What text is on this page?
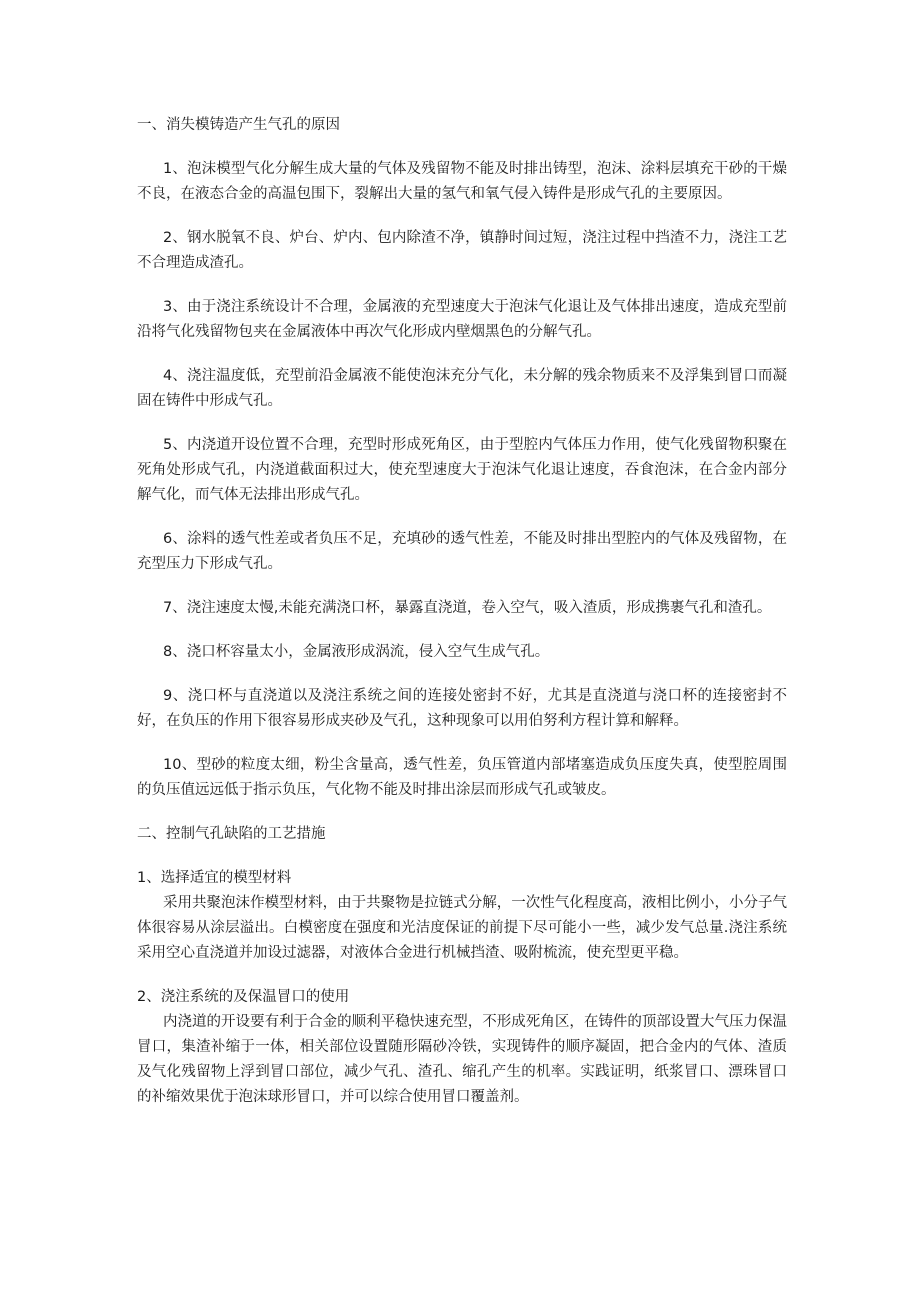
一、消失模铸造产生气孔的原因

1、泡沫模型气化分解生成大量的气体及残留物不能及时排出铸型，泡沫、涂料层填充干砂的干燥不良，在液态合金的高温包围下，裂解出大量的氢气和氧气侵入铸件是形成气孔的主要原因。

2、钢水脱氧不良、炉台、炉内、包内除渣不净，镇静时间过短，浇注过程中挡渣不力，浇注工艺不合理造成渣孔。

3、由于浇注系统设计不合理，金属液的充型速度大于泡沫气化退让及气体排出速度，造成充型前沿将气化残留物包夹在金属液体中再次气化形成内壁烟黑色的分解气孔。

4、浇注温度低，充型前沿金属液不能使泡沫充分气化，未分解的残余物质来不及浮集到冒口而凝固在铸件中形成气孔。

5、内浇道开设位置不合理，充型时形成死角区，由于型腔内气体压力作用，使气化残留物积聚在死角处形成气孔，内浇道截面积过大，使充型速度大于泡沫气化退让速度，吞食泡沫，在合金内部分解气化，而气体无法排出形成气孔。

6、涂料的透气性差或者负压不足，充填砂的透气性差，不能及时排出型腔内的气体及残留物，在充型压力下形成气孔。

7、浇注速度太慢,未能充满浇口杯，暴露直浇道，卷入空气，吸入渣质，形成携裹气孔和渣孔。

8、浇口杯容量太小，金属液形成涡流，侵入空气生成气孔。

9、浇口杯与直浇道以及浇注系统之间的连接处密封不好，尤其是直浇道与浇口杯的连接密封不好，在负压的作用下很容易形成夹砂及气孔，这种现象可以用伯努利方程计算和解释。

10、型砂的粒度太细，粉尘含量高，透气性差，负压管道内部堵塞造成负压度失真，使型腔周围的负压值远远低于指示负压，气化物不能及时排出涂层而形成气孔或皱皮。

二、控制气孔缺陷的工艺措施
1、选择适宜的模型材料

采用共聚泡沫作模型材料，由于共聚物是拉链式分解，一次性气化程度高，液相比例小，小分子气体很容易从涂层溢出。白模密度在强度和光洁度保证的前提下尽可能小一些，减少发气总量.浇注系统采用空心直浇道并加设过滤器，对液体合金进行机械挡渣、吸附梳流，使充型更平稳。

2、浇注系统的及保温冒口的使用

内浇道的开设要有利于合金的顺利平稳快速充型，不形成死角区，在铸件的顶部设置大气压力保温冒口，集渣补缩于一体，相关部位设置随形隔砂冷铁，实现铸件的顺序凝固，把合金内的气体、渣质及气化残留物上浮到冒口部位，减少气孔、渣孔、缩孔产生的机率。实践证明，纸浆冒口、漂珠冒口的补缩效果优于泡沫球形冒口，并可以综合使用冒口覆盖剂。
